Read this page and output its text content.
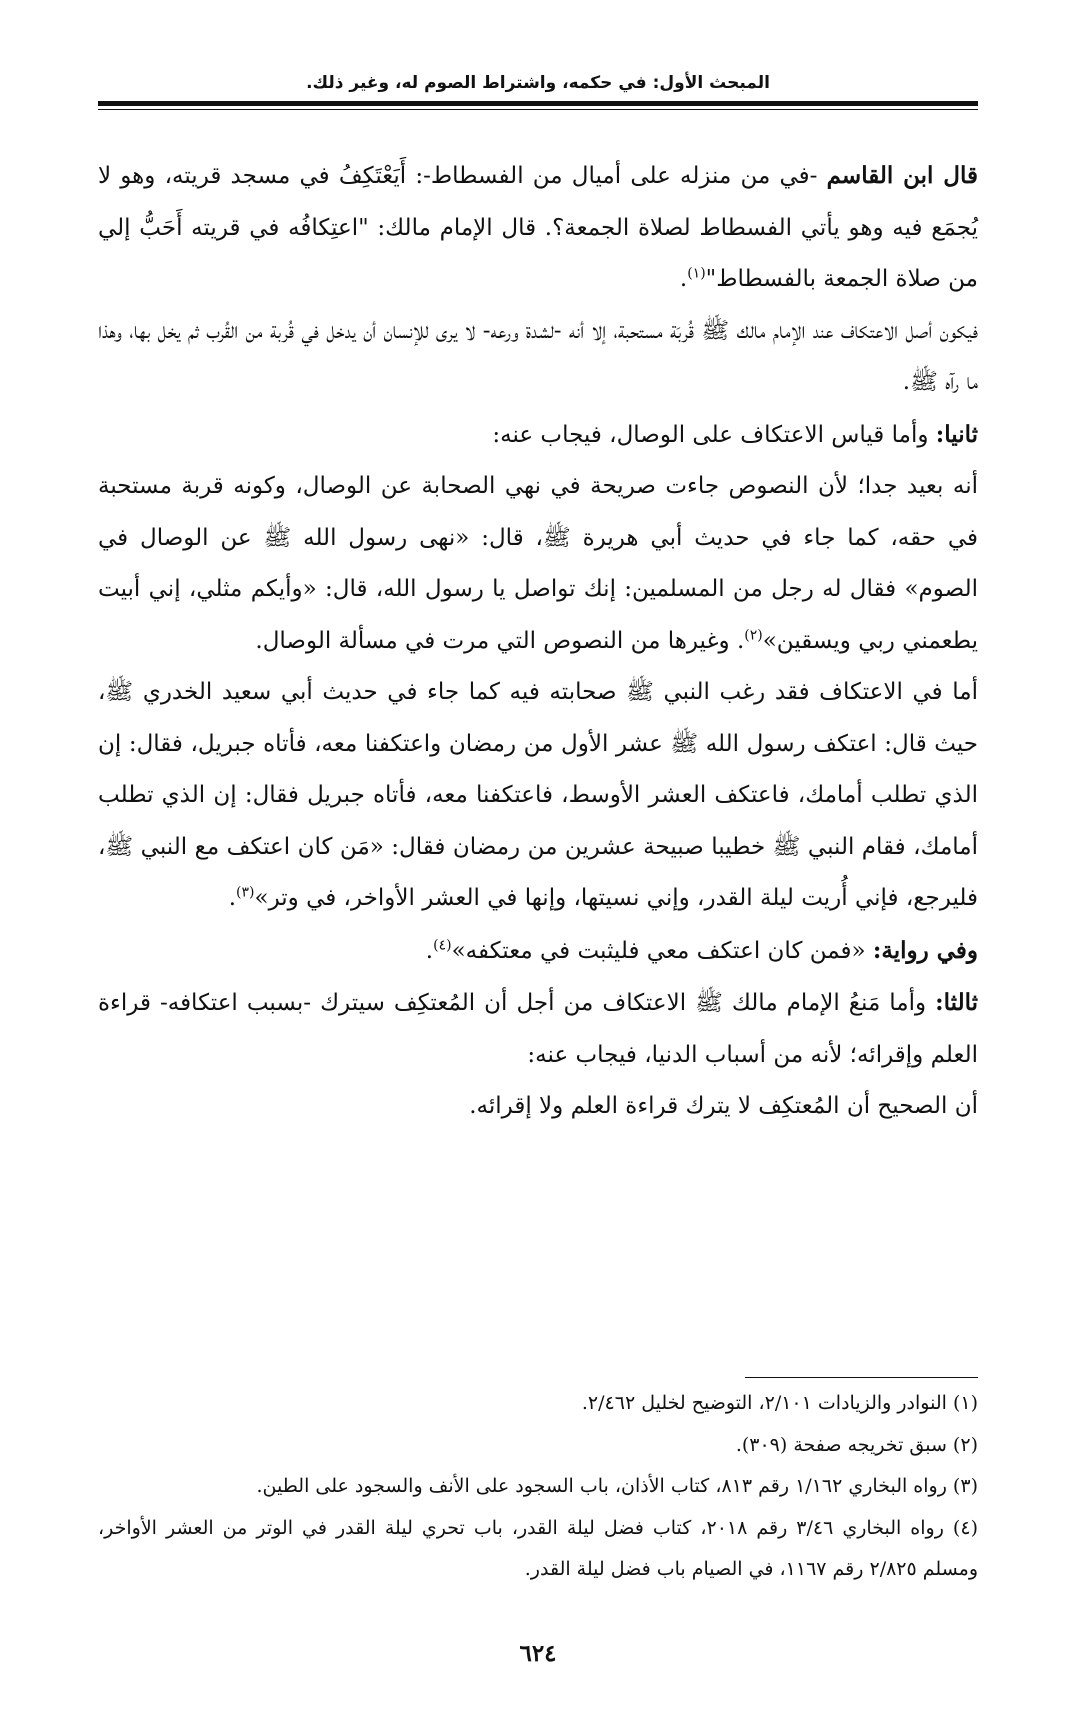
المبحث الأول: في حكمه، واشتراط الصوم له، وغير ذلك.

قال ابن القاسم -في من منزله على أميال من الفسطاط-: أَيَعْتَكِفُ في مسجد قريته، وهو لا يُجمَع فيه وهو يأتي الفسطاط لصلاة الجمعة؟. قال الإمام مالك: "اعتِكافُه في قريته أَحَبُّ إلي من صلاة الجمعة بالفسطاط"$^{(١)}$.

فيكون أصل الاعتكاف عند الإمام مالك ﷺ قُربَة مستحبة، إلا أنه -لشدة ورعه- لا يرى للإنسان أن يدخل في قُربة من القُرب ثم يخل بها، وهذا ما رآه ﷺ.

ثانيا: وأما قياس الاعتكاف على الوصال، فيجاب عنه:

أنه بعيد جدا؛ لأن النصوص جاءت صريحة في نهي الصحابة عن الوصال، وكونه قربة مستحبة في حقه، كما جاء في حديث أبي هريرة ﷺ، قال: «نهى رسول الله ﷺ عن الوصال في الصوم» فقال له رجل من المسلمين: إنك تواصل يا رسول الله، قال: «وأيكم مثلي، إني أبيت يطعمني ربي ويسقين»$^{(٢)}$. وغيرها من النصوص التي مرت في مسألة الوصال.

أما في الاعتكاف فقد رغب النبي ﷺ صحابته فيه كما جاء في حديث أبي سعيد الخدري ﷺ، حيث قال: اعتكف رسول الله ﷺ عشر الأول من رمضان واعتكفنا معه، فأتاه جبريل، فقال: إن الذي تطلب أمامك، فاعتكف العشر الأوسط، فاعتكفنا معه، فأتاه جبريل فقال: إن الذي تطلب أمامك، فقام النبي ﷺ خطيبا صبيحة عشرين من رمضان فقال: «مَن كان اعتكف مع النبي ﷺ، فليرجع، فإني أُريت ليلة القدر، وإني نسيتها، وإنها في العشر الأواخر، في وتر»$^{(٣)}$.

وفي رواية: «فمن كان اعتكف معي فليثبت في معتكفه»$^{(٤)}$.

ثالثا: وأما مَنعُ الإمام مالك ﷺ الاعتكاف من أجل أن المُعتكِف سيترك -بسبب اعتكافه- قراءة العلم وإقرائه؛ لأنه من أسباب الدنيا، فيجاب عنه:

أن الصحيح أن المُعتكِف لا يترك قراءة العلم ولا إقرائه.

(١) النوادر والزيادات ٢/١٠١، التوضيح لخليل ٢/٤٦٢.

(٢) سبق تخريجه صفحة (٣٠٩).

(٣) رواه البخاري ١/١٦٢ رقم ٨١٣، كتاب الأذان، باب السجود على الأنف والسجود على الطين.

(٤) رواه البخاري ٣/٤٦ رقم ٢٠١٨، كتاب فضل ليلة القدر، باب تحري ليلة القدر في الوتر من العشر الأواخر، ومسلم ٢/٨٢٥ رقم ١١٦٧، في الصيام باب فضل ليلة القدر.

٦٢٤
